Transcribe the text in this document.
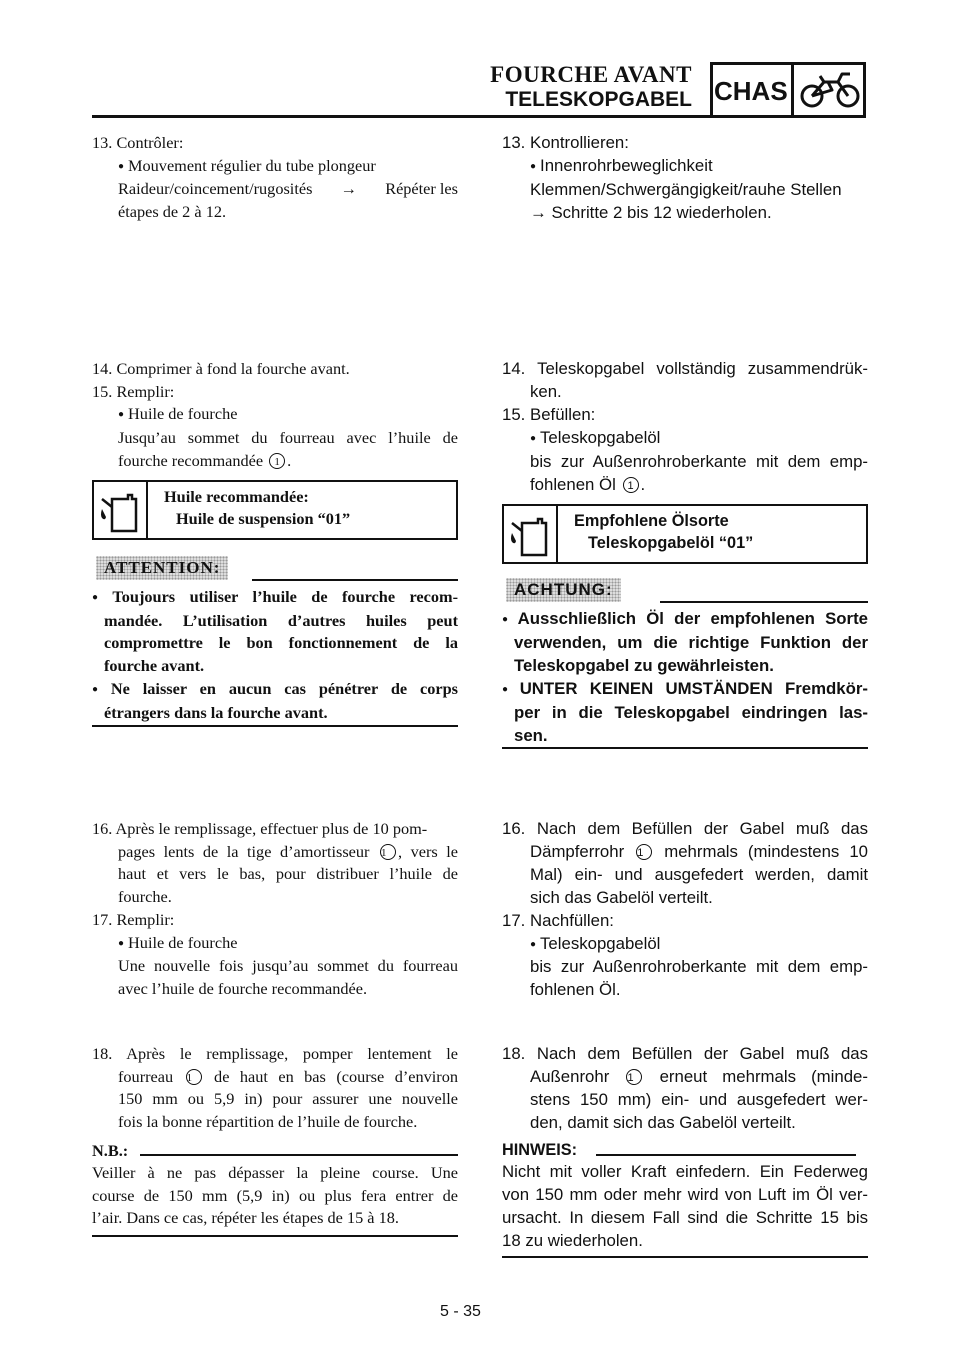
FOURCHE AVANT
TELESKOPGABEL CHAS
13. Contrôler:
● Mouvement régulier du tube plongeur
Raideur/coincement/rugosités → Répéter les
étapes de 2 à 12.
14. Comprimer à fond la fourche avant.
15. Remplir:
● Huile de fourche
Jusqu’au sommet du fourreau avec l’huile de
fourche recommandée 1 .
Huile recommandée:
Huile de suspension “01”
ATTENTION:
● Toujours utiliser l’huile de fourche recom-
mandée. L’utilisation d’autres huiles peut
compromettre le bon fonctionnement de la
fourche avant.
● Ne laisser en aucun cas pénétrer de corps
étrangers dans la fourche avant.
16. Après le remplissage, effectuer plus de 10 pom-
pages lents de la tige d’amortisseur 1 , vers le
haut et vers le bas, pour distribuer l’huile de
fourche.
17. Remplir:
● Huile de fourche
Une nouvelle fois jusqu’au sommet du fourreau
avec l’huile de fourche recommandée.
18. Après le remplissage, pomper lentement le
fourreau 1 de haut en bas (course d’environ
150 mm ou 5,9 in) pour assurer une nouvelle
fois la bonne répartition de l’huile de fourche.
N.B.:
Veiller à ne pas dépasser la pleine course. Une
course de 150 mm (5,9 in) ou plus fera entrer de
l’air. Dans ce cas, répéter les étapes de 15 à 18.
13. Kontrollieren:
● Innenrohrbeweglichkeit
Klemmen/Schwergängigkeit/rauhe Stellen
→ Schritte 2 bis 12 wiederholen.
14. Teleskopgabel vollständig zusammendrük-
ken.
15. Befüllen:
● Teleskopgabelöl
bis zur Außenrohroberkante mit dem emp-
fohlenen Öl 1 .
Empfohlene Ölsorte
Teleskopgabelöl “01”
ACHTUNG:
● Ausschließlich Öl der empfohlenen Sorte
verwenden, um die richtige Funktion der
Teleskopgabel zu gewährleisten.
● UNTER KEINEN UMSTÄNDEN Fremdkör-
per in die Teleskopgabel eindringen las-
sen.
16. Nach dem Befüllen der Gabel muß das
Dämpferrohr 1 mehrmals (mindestens 10
Mal) ein- und ausgefedert werden, damit
sich das Gabelöl verteilt.
17. Nachfüllen:
● Teleskopgabelöl
bis zur Außenrohroberkante mit dem emp-
fohlenen Öl.
18. Nach dem Befüllen der Gabel muß das
Außenrohr 1 erneut mehrmals (minde-
stens 150 mm) ein- und ausgefedert wer-
den, damit sich das Gabelöl verteilt.
HINWEIS:
Nicht mit voller Kraft einfedern. Ein Federweg
von 150 mm oder mehr wird von Luft im Öl ver-
ursacht. In diesem Fall sind die Schritte 15 bis
18 zu wiederholen.
5 - 35
